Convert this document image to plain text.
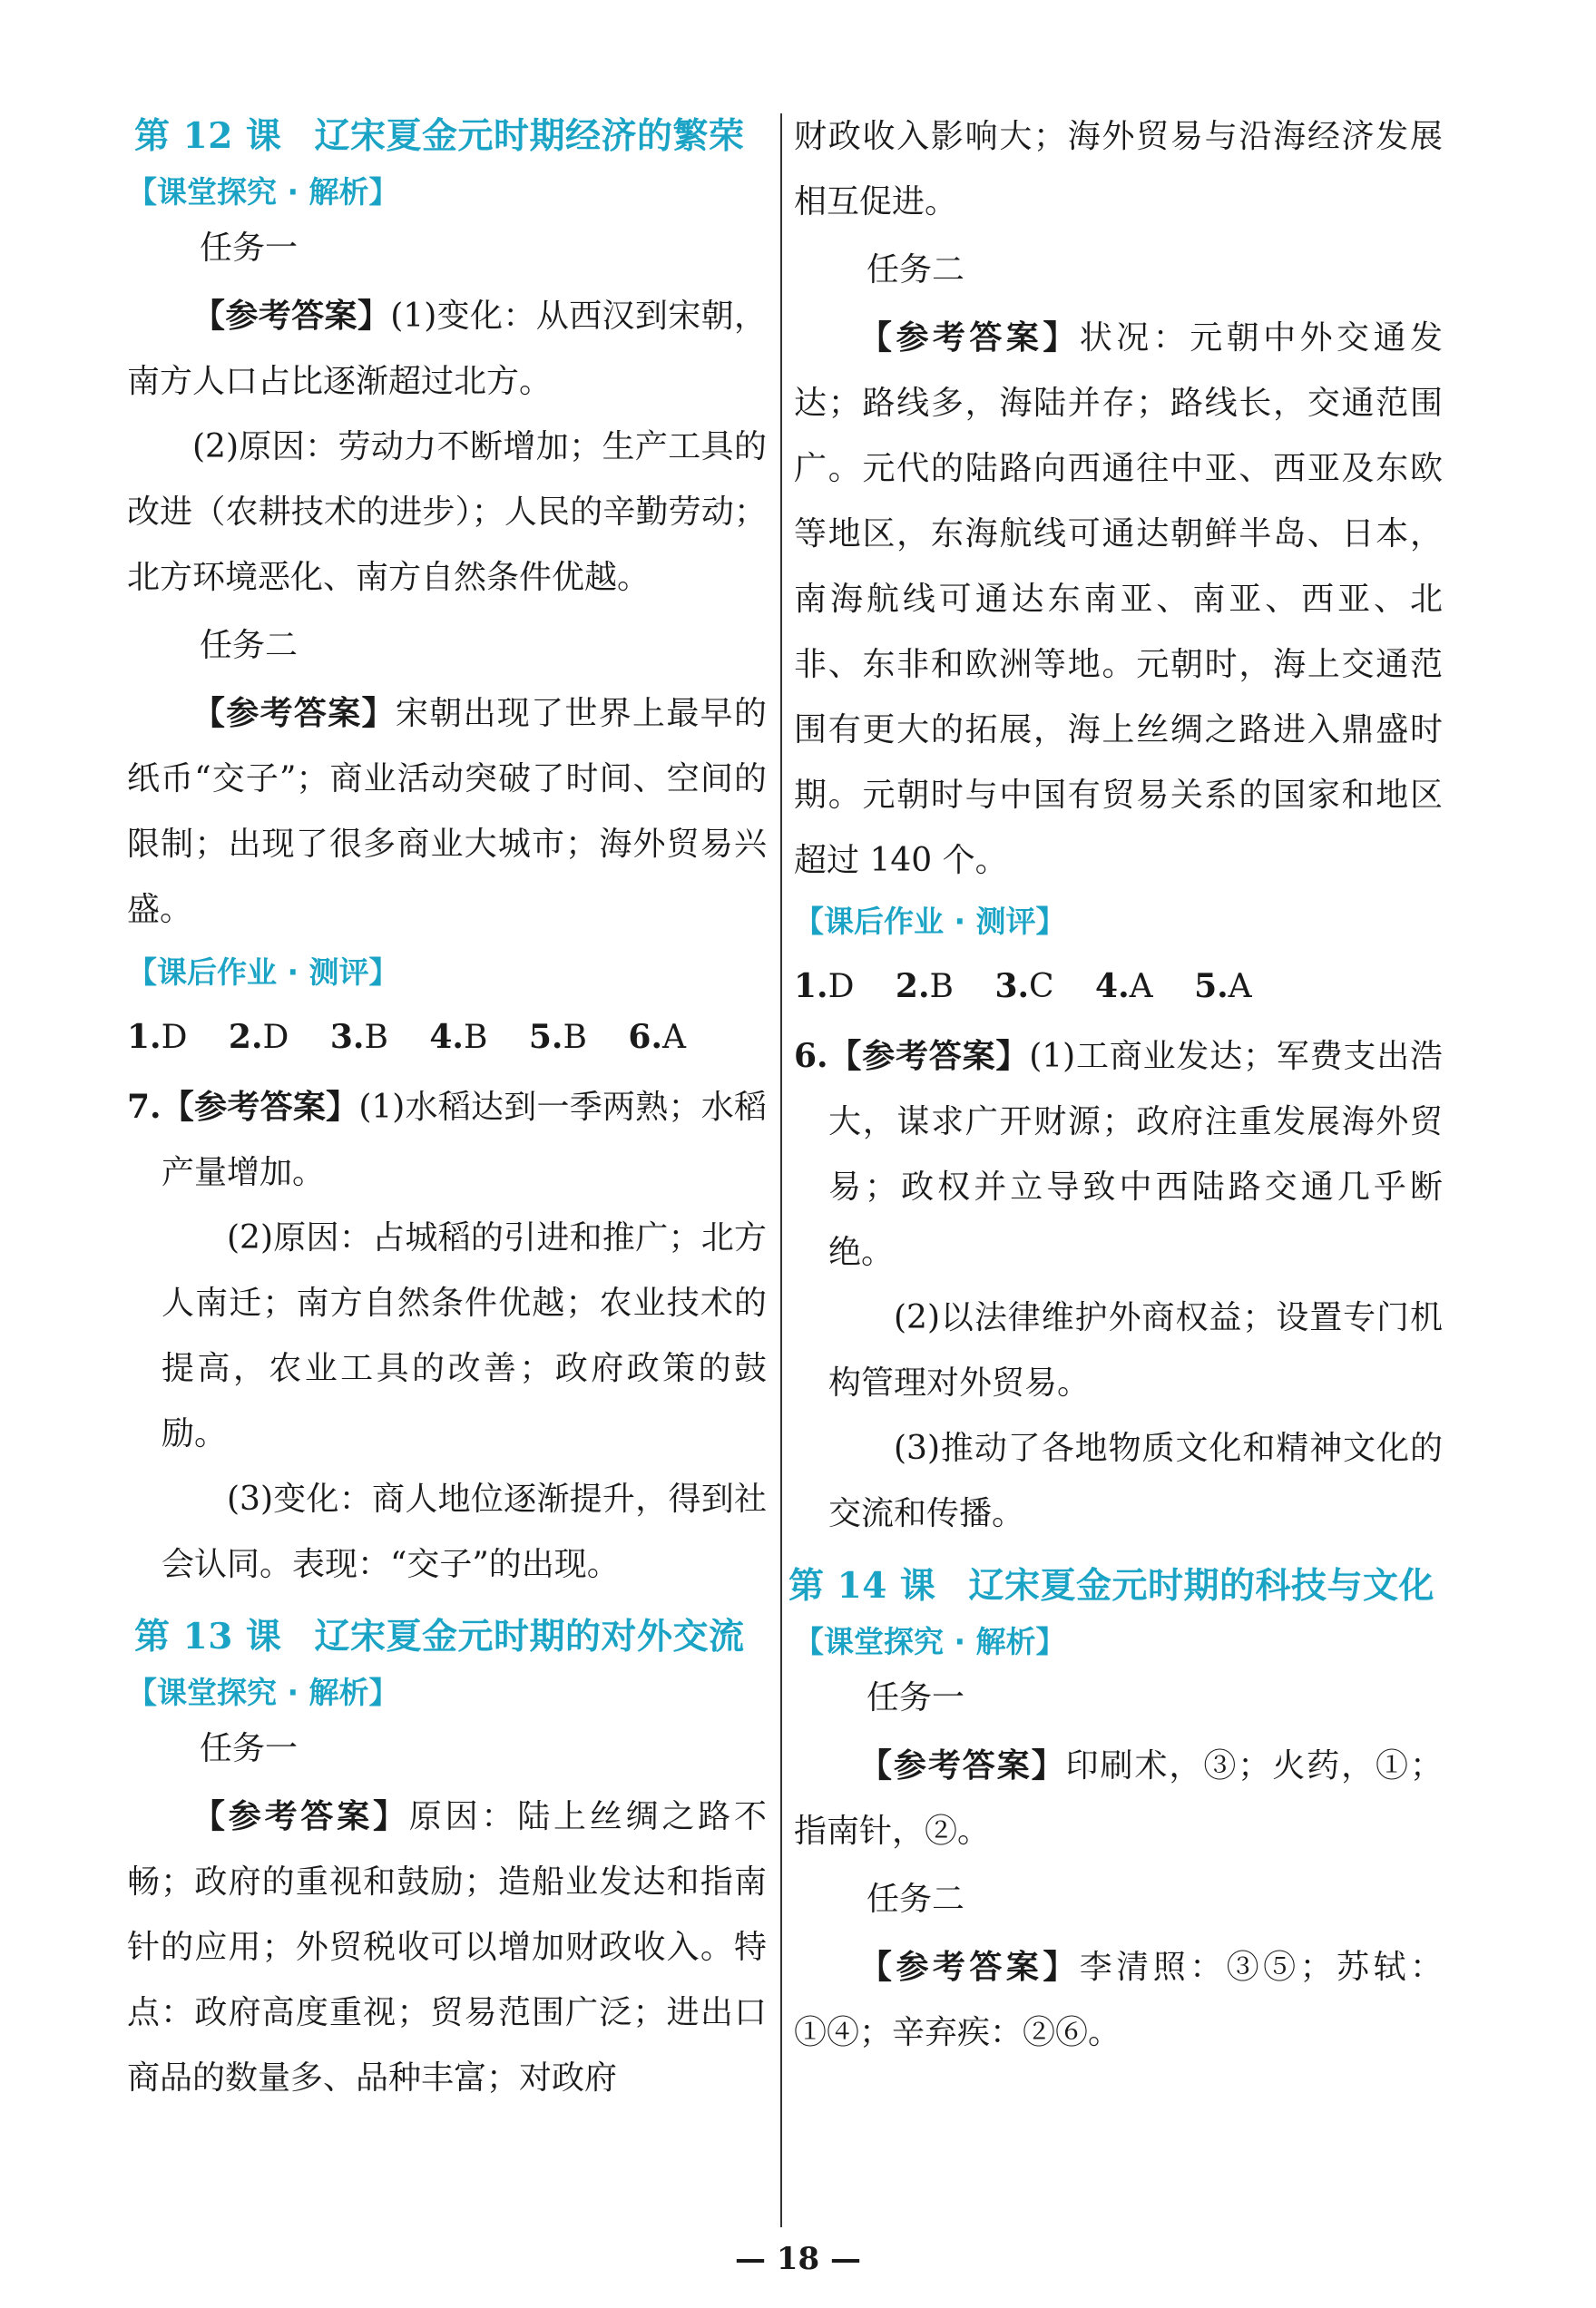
第 12 课 辽宋夏金元时期经济的繁荣
【课堂探究 · 解析】
任务一

【参考答案】(1)变化：从西汉到宋朝，南方人口占比逐渐超过北方。

(2)原因：劳动力不断增加；生产工具的改进（农耕技术的进步）；人民的辛勤劳动；北方环境恶化、南方自然条件优越。

任务二

【参考答案】宋朝出现了世界上最早的纸币“交子”；商业活动突破了时间、空间的限制；出现了很多商业大城市；海外贸易兴盛。

【课后作业 · 测评】
1.D 2.D 3.B 4.B 5.B 6.A
7.【参考答案】(1)水稻达到一季两熟；水稻产量增加。
(2)原因：占城稻的引进和推广；北方人南迁；南方自然条件优越；农业技术的提高，农业工具的改善；政府政策的鼓励。
(3)变化：商人地位逐渐提升，得到社会认同。表现：“交子”的出现。
第 13 课 辽宋夏金元时期的对外交流
【课堂探究 · 解析】
任务一

【参考答案】原因：陆上丝绸之路不畅；政府的重视和鼓励；造船业发达和指南针的应用；外贸税收可以增加财政收入。特点：政府高度重视；贸易范围广泛；进出口商品的数量多、品种丰富；对政府

财政收入影响大；海外贸易与沿海经济发展相互促进。

任务二

【参考答案】状况：元朝中外交通发达；路线多，海陆并存；路线长，交通范围广。元代的陆路向西通往中亚、西亚及东欧等地区，东海航线可通达朝鲜半岛、日本，南海航线可通达东南亚、南亚、西亚、北非、东非和欧洲等地。元朝时，海上交通范围有更大的拓展，海上丝绸之路进入鼎盛时期。元朝时与中国有贸易关系的国家和地区超过 140 个。

【课后作业 · 测评】
1.D 2.B 3.C 4.A 5.A
6.【参考答案】(1)工商业发达；军费支出浩大，谋求广开财源；政府注重发展海外贸易；政权并立导致中西陆路交通几乎断绝。
(2)以法律维护外商权益；设置专门机构管理对外贸易。
(3)推动了各地物质文化和精神文化的交流和传播。
第 14 课 辽宋夏金元时期的科技与文化
【课堂探究 · 解析】
任务一

【参考答案】印刷术，③；火药，①；指南针，②。

任务二

【参考答案】李清照：③⑤；苏轼：①④；辛弃疾：②⑥。

— 18 —
